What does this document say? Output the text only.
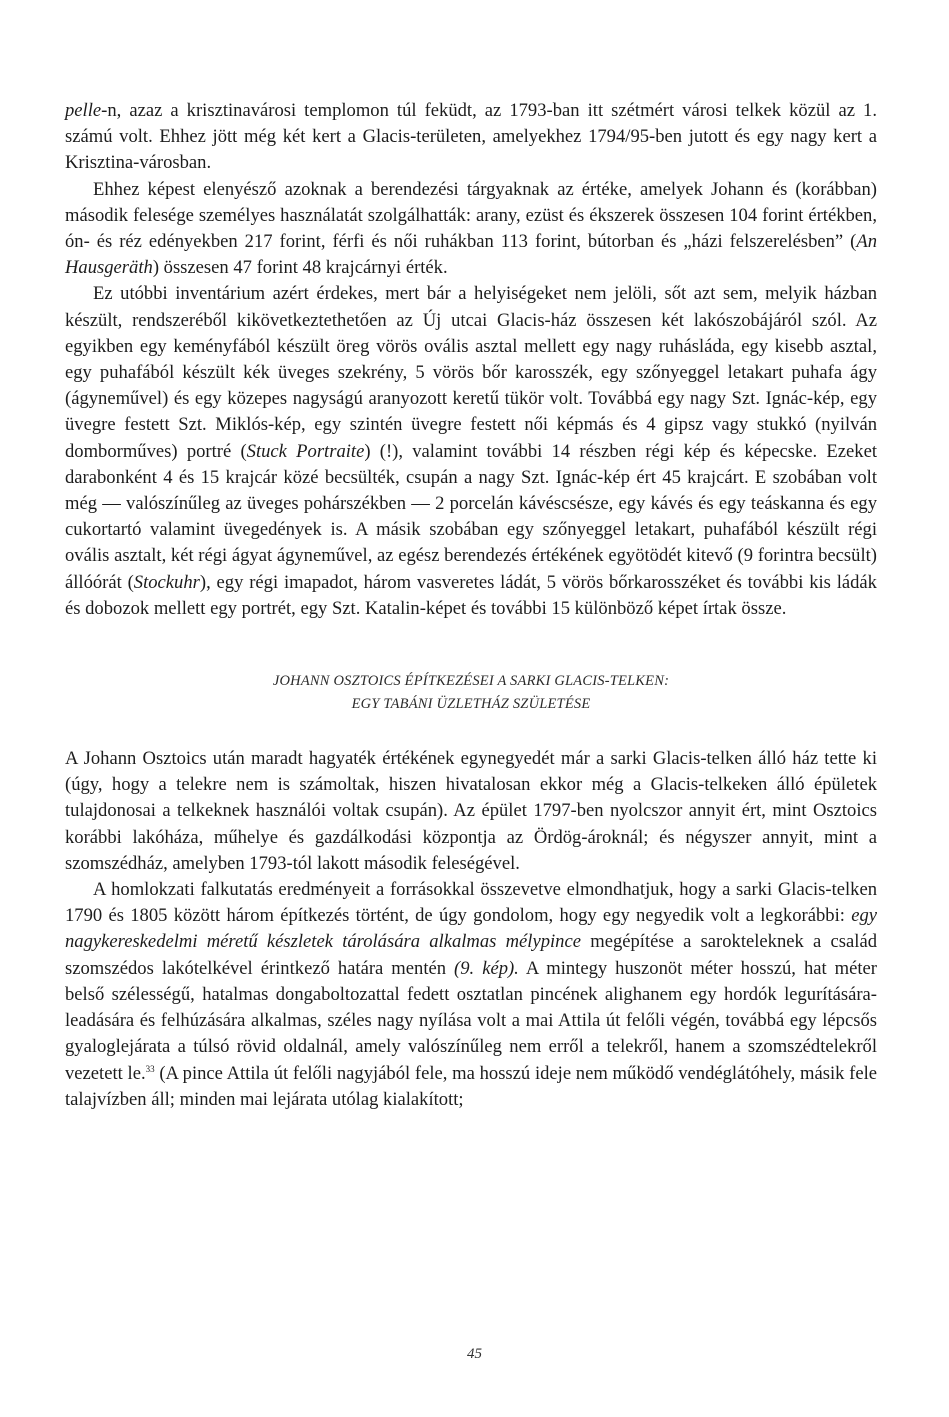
pelle-n, azaz a krisztinavárosi templomon túl feküdt, az 1793-ban itt szétmért városi telkek közül az 1. számú volt. Ehhez jött még két kert a Glacis-területen, amelyekhez 1794/95-ben jutott és egy nagy kert a Krisztina-városban.

Ehhez képest elenyésző azoknak a berendezési tárgyaknak az értéke, amelyek Johann és (korábban) második felesége személyes használatát szolgálhatták: arany, ezüst és ékszerek összesen 104 forint értékben, ón- és réz edényekben 217 forint, férfi és női ruhákban 113 forint, bútorban és „házi felszerelésben” (An Hausgeräth) összesen 47 forint 48 krajcárnyi érték.

Ez utóbbi inventárium azért érdekes, mert bár a helyiségeket nem jelöli, sőt azt sem, melyik házban készült, rendszeréből kikövetkeztethetően az Új utcai Glacis-ház összesen két lakószobájáról szól. Az egyikben egy keményfából készült öreg vörös ovális asztal mellett egy nagy ruhásláda, egy kisebb asztal, egy puhafából készült kék üveges szekrény, 5 vörös bőr karosszék, egy szőnyeggel letakart puhafa ágy (ágyneművel) és egy közepes nagyságú aranyozott keretű tükör volt. Továbbá egy nagy Szt. Ignác-kép, egy üvegre festett Szt. Miklós-kép, egy szintén üvegre festett női képmás és 4 gipsz vagy stukkó (nyilván domborműves) portré (Stuck Portraite) (!), valamint további 14 részben régi kép és képecske. Ezeket darabonként 4 és 15 krajcár közé becsülték, csupán a nagy Szt. Ignác-kép ért 45 krajcárt. E szobában volt még — valószínűleg az üveges pohárszékben — 2 porcelán kávéscsésze, egy kávés és egy teáskanna és egy cukortartó valamint üvegedények is. A másik szobában egy szőnyeggel letakart, puhafából készült régi ovális asztalt, két régi ágyat ágyneművel, az egész berendezés értékének egyötödét kitevő (9 forintra becsült) állóórát (Stockuhr), egy régi imapadot, három vasveretes ládát, 5 vörös bőrkarosszéket és további kis ládák és dobozok mellett egy portrét, egy Szt. Katalin-képet és további 15 különböző képet írtak össze.

JOHANN OSZTOICS ÉPÍTKEZÉSEI A SARKI GLACIS-TELKEN:

EGY TABÁNI ÜZLETHÁZ SZÜLETÉSE

A Johann Osztoics után maradt hagyaték értékének egynegyedét már a sarki Glacis-telken álló ház tette ki (úgy, hogy a telekre nem is számoltak, hiszen hivatalosan ekkor még a Glacis-telkeken álló épületek tulajdonosai a telkeknek használói voltak csupán). Az épület 1797-ben nyolcszor annyit ért, mint Osztoics korábbi lakóháza, műhelye és gazdálkodási központja az Ördög-ároknál; és négyszer annyit, mint a szomszédház, amelyben 1793-tól lakott második feleségével.

A homlokzati falkutatás eredményeit a forrásokkal összevetve elmondhatjuk, hogy a sarki Glacis-telken 1790 és 1805 között három építkezés történt, de úgy gondolom, hogy egy negyedik volt a legkorábbi: egy nagykereskedelmi méretű készletek tárolására alkalmas mélypince megépítése a sarokteleknek a család szomszédos lakótelkével érintkező határa mentén (9. kép). A mintegy huszonöt méter hosszú, hat méter belső szélességű, hatalmas dongaboltozattal fedett osztatlan pincének alighanem egy hordók legurítására-leadására és felhúzására alkalmas, széles nagy nyílása volt a mai Attila út felőli végén, továbbá egy lépcsős gyaloglejárata a túlsó rövid oldalnál, amely valószínűleg nem erről a telekről, hanem a szomszédtelekről vezetett le.$^{33}$ (A pince Attila út felőli nagyjából fele, ma hosszú ideje nem működő vendéglátóhely, másik fele talajvízben áll; minden mai lejárata utólag kialakított;

45
